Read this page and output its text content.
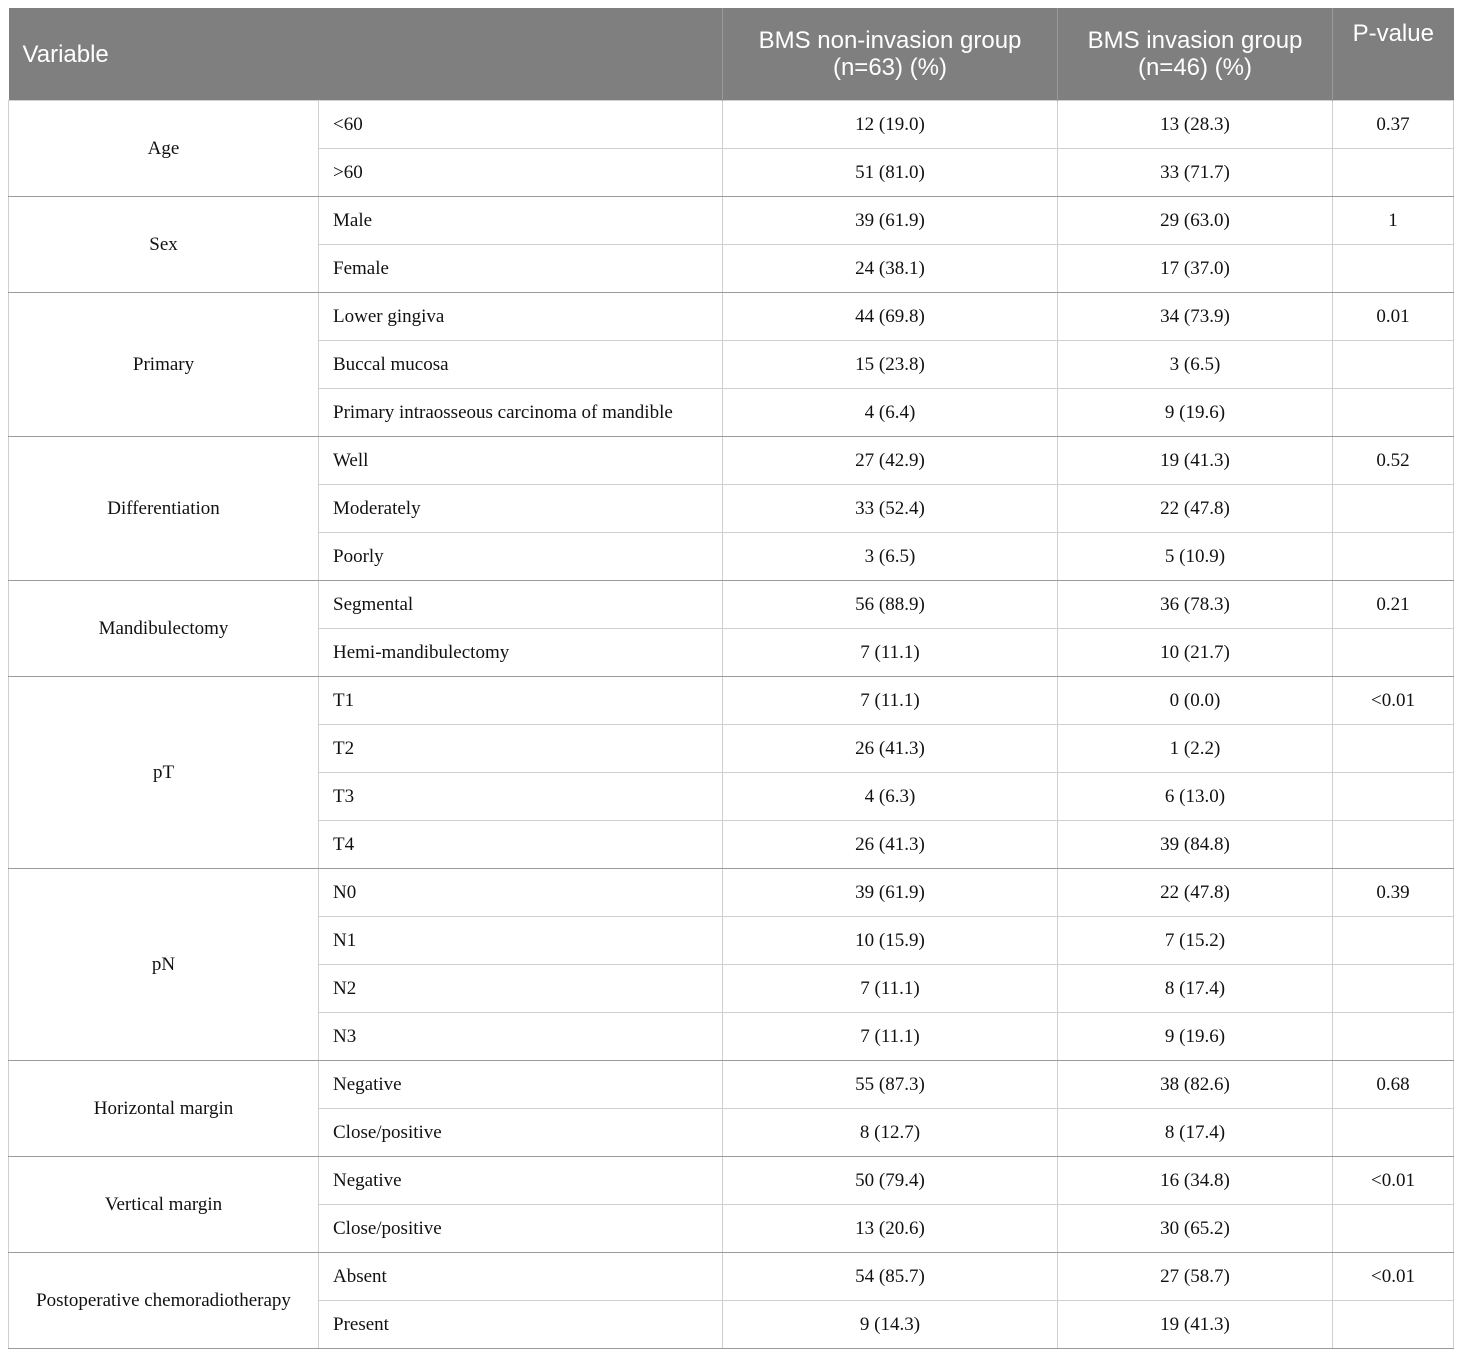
Variable		BMS non-invasion group (n=63) (%)	BMS invasion group (n=46) (%)	P-value
Age	<60	12 (19.0)	13 (28.3)	0.37
	>60	51 (81.0)	33 (71.7)	
Sex	Male	39 (61.9)	29 (63.0)	1
	Female	24 (38.1)	17 (37.0)	
Primary	Lower gingiva	44 (69.8)	34 (73.9)	0.01
	Buccal mucosa	15 (23.8)	3 (6.5)	
	Primary intraosseous carcinoma of mandible	4 (6.4)	9 (19.6)	
Differentiation	Well	27 (42.9)	19 (41.3)	0.52
	Moderately	33 (52.4)	22 (47.8)	
	Poorly	3 (6.5)	5 (10.9)	
Mandibulectomy	Segmental	56 (88.9)	36 (78.3)	0.21
	Hemi-mandibulectomy	7 (11.1)	10 (21.7)	
pT	T1	7 (11.1)	0 (0.0)	<0.01
	T2	26 (41.3)	1 (2.2)	
	T3	4 (6.3)	6 (13.0)	
	T4	26 (41.3)	39 (84.8)	
pN	N0	39 (61.9)	22 (47.8)	0.39
	N1	10 (15.9)	7 (15.2)	
	N2	7 (11.1)	8 (17.4)	
	N3	7 (11.1)	9 (19.6)	
Horizontal margin	Negative	55 (87.3)	38 (82.6)	0.68
	Close/positive	8 (12.7)	8 (17.4)	
Vertical margin	Negative	50 (79.4)	16 (34.8)	<0.01
	Close/positive	13 (20.6)	30 (65.2)	
Postoperative chemoradiotherapy	Absent	54 (85.7)	27 (58.7)	<0.01
	Present	9 (14.3)	19 (41.3)	
